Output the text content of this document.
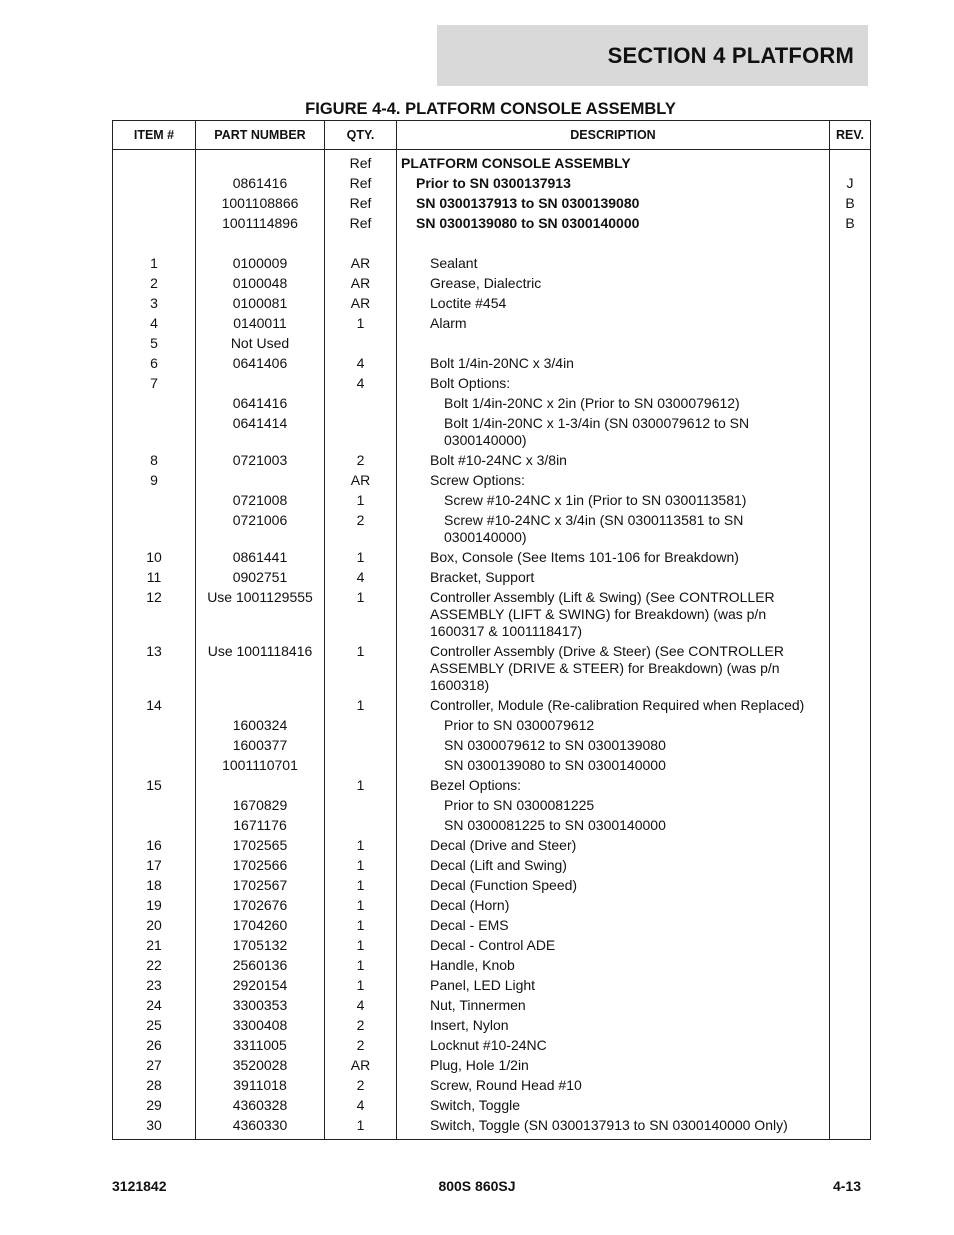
SECTION 4 PLATFORM
FIGURE 4-4. PLATFORM CONSOLE ASSEMBLY
ITEM #	PART NUMBER	QTY.	DESCRIPTION	REV.
		Ref	PLATFORM CONSOLE ASSEMBLY	

	0861416	Ref	Prior to SN 0300137913	J
	1001108866	Ref	SN 0300137913 to SN 0300139080	B
	1001114896	Ref	SN 0300139080 to SN 0300140000	B

1	0100009	AR	Sealant	

2	0100048	AR	Grease, Dialectric	

3	0100081	AR	Loctite #454	

4	0140011	1	Alarm	

5	Not Used		

6	0641406	4	Bolt 1/4in-20NC x 3/4in	

7		4	Bolt Options:	

	0641416		Bolt 1/4in-20NC x 2in (Prior to SN 0300079612)	

	0641414		Bolt 1/4in-20NC x 1-3/4in (SN 0300079612 to SN 0300140000)	

8	0721003	2	Bolt #10-24NC x 3/8in	

9		AR	Screw Options:	

	0721008	1	Screw #10-24NC x 1in (Prior to SN 0300113581)	

	0721006	2	Screw #10-24NC x 3/4in (SN 0300113581 to SN 0300140000)	

10	0861441	1	Box, Console (See Items 101-106 for Breakdown)	

11	0902751	4	Bracket, Support	

12	Use 1001129555	1	Controller Assembly (Lift & Swing) (See CONTROLLER ASSEMBLY (LIFT & SWING) for Breakdown) (was p/n 1600317 & 1001118417)	

13	Use 1001118416	1	Controller Assembly (Drive & Steer) (See CONTROLLER ASSEMBLY (DRIVE & STEER) for Breakdown) (was p/n 1600318)	

14		1	Controller, Module (Re-calibration Required when Replaced)	

	1600324		Prior to SN 0300079612	

	1600377		SN 0300079612 to SN 0300139080	

	1001110701		SN 0300139080 to SN 0300140000	

15		1	Bezel Options:	

	1670829		Prior to SN 0300081225	

	1671176		SN 0300081225 to SN 0300140000	

16	1702565	1	Decal (Drive and Steer)	

17	1702566	1	Decal (Lift and Swing)	

18	1702567	1	Decal (Function Speed)	

19	1702676	1	Decal (Horn)	

20	1704260	1	Decal - EMS	

21	1705132	1	Decal - Control ADE	

22	2560136	1	Handle, Knob	

23	2920154	1	Panel, LED Light	

24	3300353	4	Nut, Tinnermen	

25	3300408	2	Insert, Nylon	

26	3311005	2	Locknut #10-24NC	

27	3520028	AR	Plug, Hole 1/2in	

28	3911018	2	Screw, Round Head #10	

29	4360328	4	Switch, Toggle	

30	4360330	1	Switch, Toggle (SN 0300137913 to SN 0300140000 Only)	

3121842	800S 860SJ	4-13
